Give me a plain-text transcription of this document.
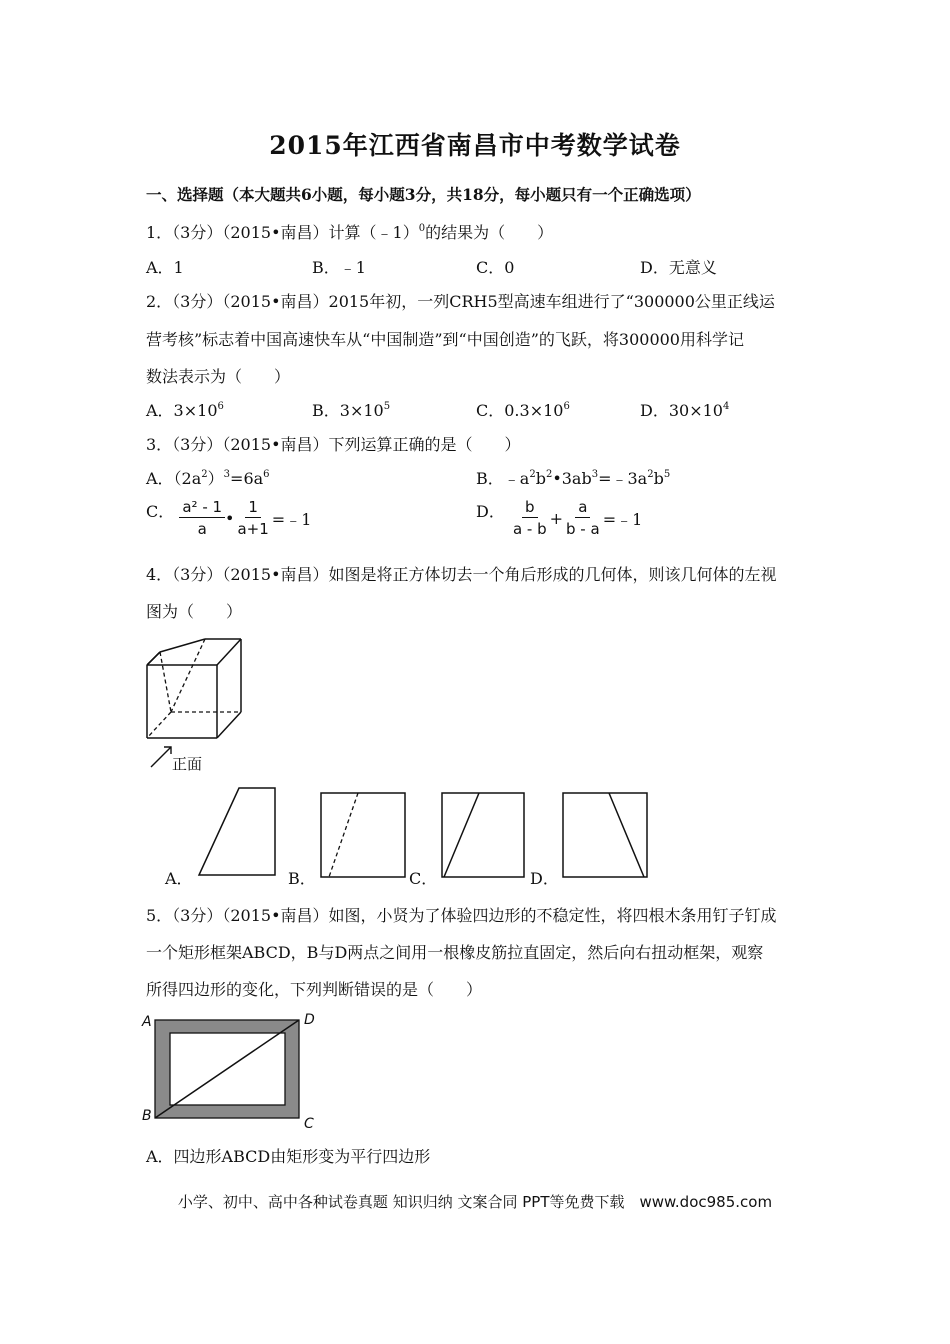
2015年江西省南昌市中考数学试卷
一、选择题（本大题共6小题，每小题3分，共18分，每小题只有一个正确选项）
1．（3分）（2015•南昌）计算（﹣1）$^0$的结果为（　　）
A．1	B．﹣1	C．0	D．无意义
2．（3分）（2015•南昌）2015年初，一列CRH5型高速车组进行了“300000公里正线运
营考核”标志着中国高速快车从“中国制造”到“中国创造”的飞跃，将300000用科学记
数法表示为（　　）
A．$3\times 10^6$	B．$3\times 10^5$	C．$0.3\times 10^6$	D．$30\times 10^4$
3．（3分）（2015•南昌）下列运算正确的是（　　）
A．$(2a^2)^3=6a^6$	B．$﹣a^2b^2•3ab^3=﹣3a^2b^5$
C． $\frac{\text{a² - 1}}{a}$ • $\frac{1}{a+1}$ =﹣1	D． $\frac{b}{a - b} + \frac{a}{b - a}$ =﹣1
4．（3分）（2015•南昌）如图是将正方体切去一个角后形成的几何体，则该几何体的左视
图为（　　）
正面
A．	B．	C．	D．
5．（3分）（2015•南昌）如图，小贤为了体验四边形的不稳定性，将四根木条用钉子钉成
一个矩形框架ABCD，B与D两点之间用一根橡皮筋拉直固定，然后向右扭动框架，观察
所得四边形的变化，下列判断错误的是（　　）
A
B	C
D
A．四边形ABCD由矩形变为平行四边形
小学、初中、高中各种试卷真题 知识归纳 文案合同 PPT等免费下载　www.doc985.com
